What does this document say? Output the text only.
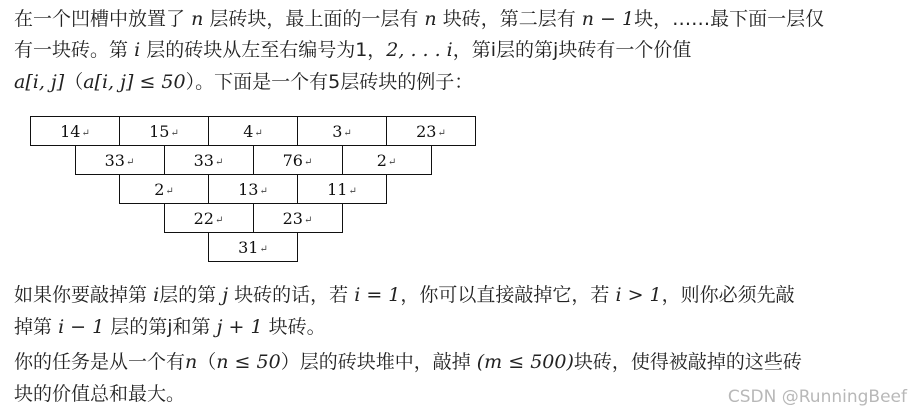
在一个凹槽中放置了 n 层砖块，最上面的一层有 n 块砖，第二层有 n − 1块，……最下面一层仅
有一块砖。第 i 层的砖块从左至右编号为1，2, . . . i，第i层的第j块砖有一个价值
a[i, j]（a[i, j] ≤ 50）。下面是一个有5层砖块的例子：
14 ↵	15 ↵	4 ↵	3 ↵	23 ↵
33 ↵	33 ↵	76 ↵	2 ↵
2 ↵	13 ↵	11 ↵
22 ↵	23 ↵
31 ↵
如果你要敲掉第 i层的第 j 块砖的话，若 i = 1，你可以直接敲掉它，若 i > 1，则你必须先敲
掉第 i − 1 层的第j和第 j + 1 块砖。
你的任务是从一个有n（n ≤ 50）层的砖块堆中，敲掉 (m ≤ 500)块砖，使得被敲掉的这些砖
块的价值总和最大。	CSDN @RunningBeef
